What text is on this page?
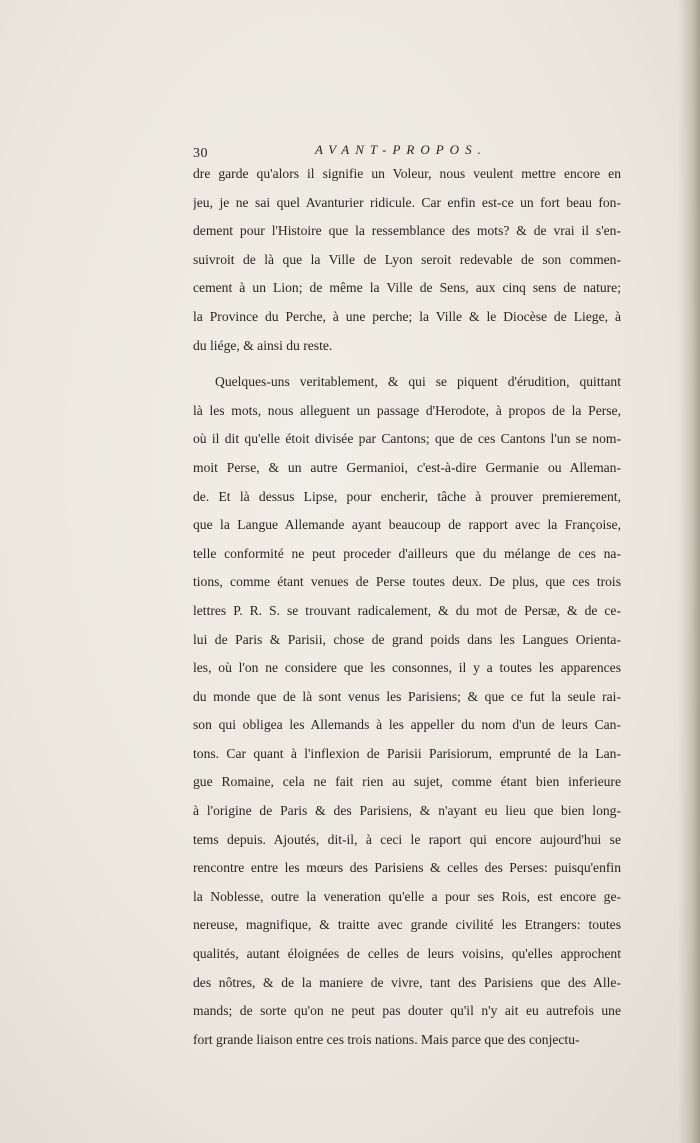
30	AVANT-PROPOS.
dre garde qu'alors il signifie un Voleur, nous veulent mettre encore en
jeu, je ne sai quel Avanturier ridicule. Car enfin est-ce un fort beau fon-
dement pour l'Histoire que la ressemblance des mots? & de vrai il s'en-
suivroit de là que la Ville de Lyon seroit redevable de son commen-
cement à un Lion; de même la Ville de Sens, aux cinq sens de nature;
la Province du Perche, à une perche; la Ville & le Diocèse de Liege, à
du liége, & ainsi du reste.
Quelques-uns veritablement, & qui se piquent d'érudition, quittant
là les mots, nous alleguent un passage d'Herodote, à propos de la Perse,
où il dit qu'elle étoit divisée par Cantons; que de ces Cantons l'un se nom-
moit Perse, & un autre Germanioi, c'est-à-dire Germanie ou Alleman-
de. Et là dessus Lipse, pour encherir, tâche à prouver premierement,
que la Langue Allemande ayant beaucoup de rapport avec la Françoise,
telle conformité ne peut proceder d'ailleurs que du mélange de ces na-
tions, comme étant venues de Perse toutes deux. De plus, que ces trois
lettres P. R. S. se trouvant radicalement, & du mot de Persæ, & de ce-
lui de Paris & Parisii, chose de grand poids dans les Langues Orienta-
les, où l'on ne considere que les consonnes, il y a toutes les apparences
du monde que de là sont venus les Parisiens; & que ce fut la seule rai-
son qui obligea les Allemands à les appeller du nom d'un de leurs Can-
tons. Car quant à l'inflexion de Parisii Parisiorum, emprunté de la Lan-
gue Romaine, cela ne fait rien au sujet, comme étant bien inferieure
à l'origine de Paris & des Parisiens, & n'ayant eu lieu que bien long-
tems depuis. Ajoutés, dit-il, à ceci le raport qui encore aujourd'hui se
rencontre entre les mœurs des Parisiens & celles des Perses: puisqu'enfin
la Noblesse, outre la veneration qu'elle a pour ses Rois, est encore ge-
nereuse, magnifique, & traitte avec grande civilité les Etrangers: toutes
qualités, autant éloignées de celles de leurs voisins, qu'elles approchent
des nôtres, & de la maniere de vivre, tant des Parisiens que des Alle-
mands; de sorte qu'on ne peut pas douter qu'il n'y ait eu autrefois une
fort grande liaison entre ces trois nations. Mais parce que des conjectu-
